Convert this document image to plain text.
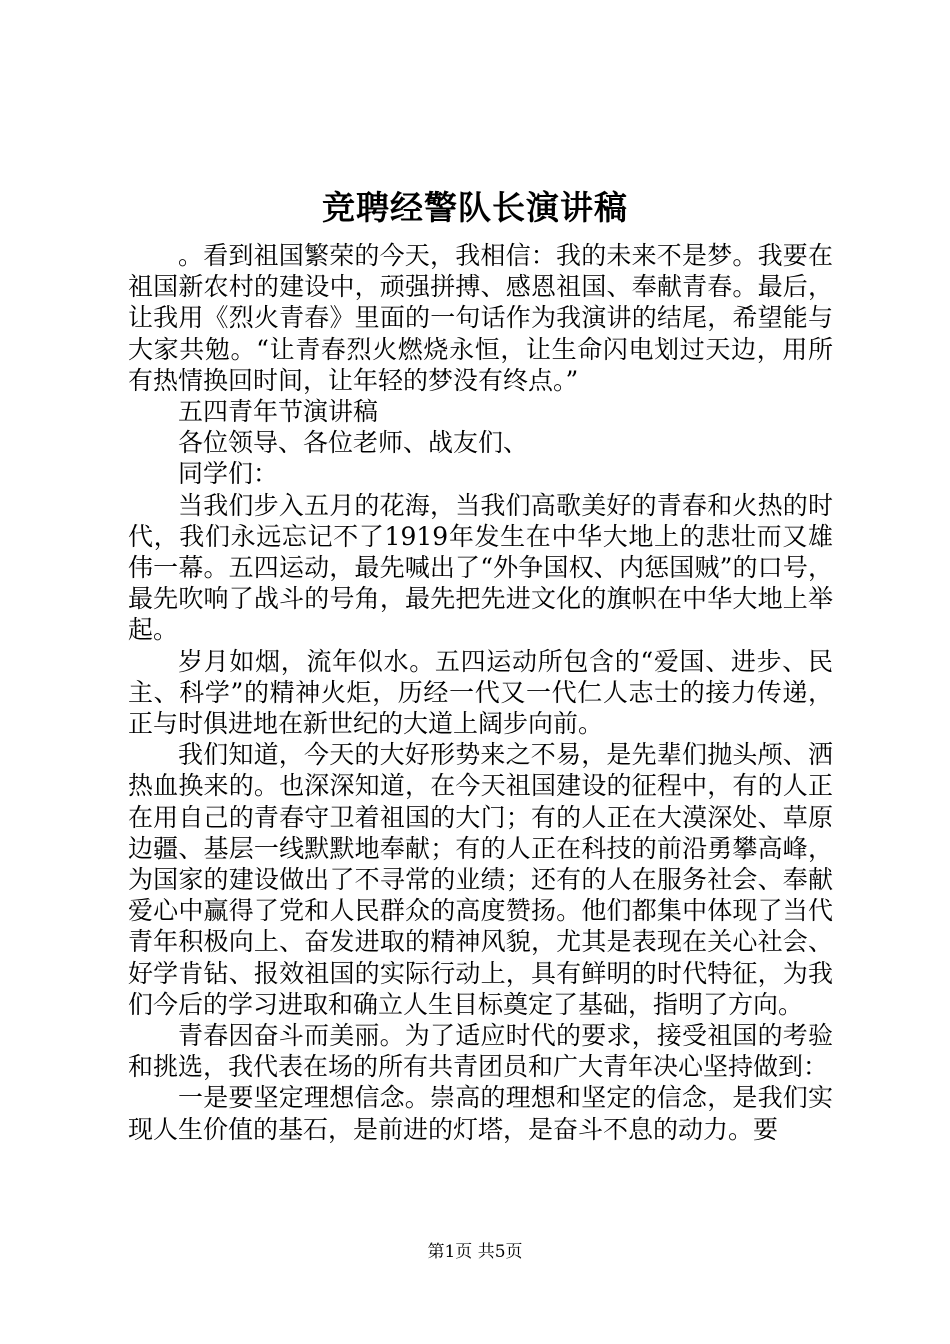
竞聘经警队长演讲稿

。看到祖国繁荣的今天，我相信：我的未来不是梦。我要在祖国新农村的建设中，顽强拼搏、感恩祖国、奉献青春。最后，让我用《烈火青春》里面的一句话作为我演讲的结尾，希望能与大家共勉。“让青春烈火燃烧永恒，让生命闪电划过天边，用所有热情换回时间，让年轻的梦没有终点。”

五四青年节演讲稿

各位领导、各位老师、战友们、

同学们：

当我们步入五月的花海，当我们高歌美好的青春和火热的时代，我们永远忘记不了1919年发生在中华大地上的悲壮而又雄伟一幕。五四运动，最先喊出了“外争国权、内惩国贼”的口号，最先吹响了战斗的号角，最先把先进文化的旗帜在中华大地上举起。

岁月如烟，流年似水。五四运动所包含的“爱国、进步、民主、科学”的精神火炬，历经一代又一代仁人志士的接力传递，正与时俱进地在新世纪的大道上阔步向前。

我们知道，今天的大好形势来之不易，是先辈们抛头颅、洒热血换来的。也深深知道，在今天祖国建设的征程中，有的人正在用自己的青春守卫着祖国的大门；有的人正在大漠深处、草原边疆、基层一线默默地奉献；有的人正在科技的前沿勇攀高峰，为国家的建设做出了不寻常的业绩；还有的人在服务社会、奉献爱心中赢得了党和人民群众的高度赞扬。他们都集中体现了当代青年积极向上、奋发进取的精神风貌，尤其是表现在关心社会、好学肯钻、报效祖国的实际行动上，具有鲜明的时代特征，为我们今后的学习进取和确立人生目标奠定了基础，指明了方向。

青春因奋斗而美丽。为了适应时代的要求，接受祖国的考验和挑选，我代表在场的所有共青团员和广大青年决心坚持做到：

一是要坚定理想信念。崇高的理想和坚定的信念，是我们实现人生价值的基石，是前进的灯塔，是奋斗不息的动力。要

第1页 共5页
